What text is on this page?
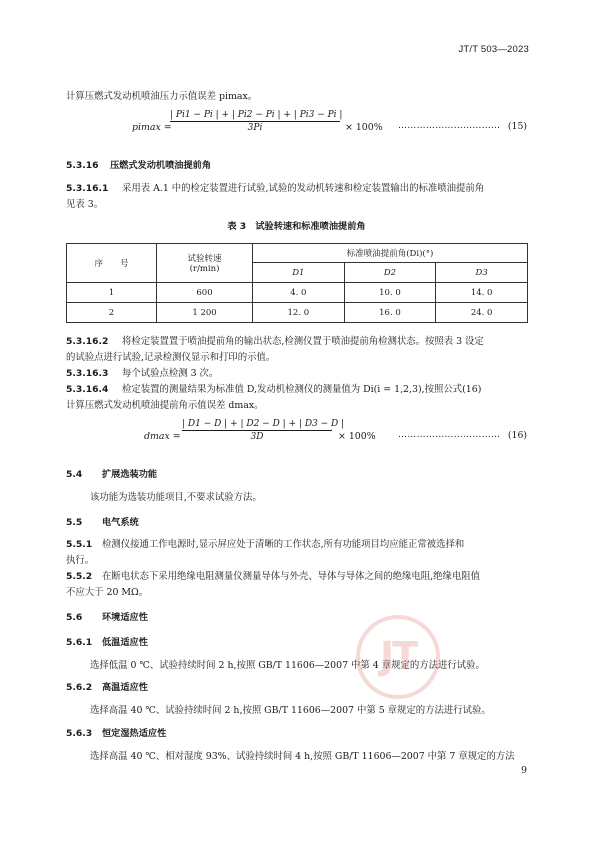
JT/T 503—2023
计算压燃式发动机喷油压力示值误差 pimax。
pimax =
| Pi1 − Pi | + | Pi2 − Pi | + | Pi3 − Pi |
3Pi	× 100% …………………………… (15)
5.3.16 压燃式发动机喷油提前角
5.3.16.1 采用表 A.1 中的检定装置进行试验,试验的发动机转速和检定装置输出的标准喷油提前角
见表 3。
表 3　试验转速和标准喷油提前角
序　　号	试验转速
(r/min)	标准喷油提前角(Di)(°)		
		D1	D2	D3
1	600	4. 0	10. 0	14. 0
2	1 200	12. 0	16. 0	24. 0
5.3.16.2 将检定装置置于喷油提前角的输出状态,检测仪置于喷油提前角检测状态。按照表 3 设定
的试验点进行试验,记录检测仪显示和打印的示值。
5.3.16.3 每个试验点检测 3 次。
5.3.16.4 检定装置的测量结果为标准值 D,发动机检测仪的测量值为 Di(i = 1,2,3),按照公式(16)
计算压燃式发动机喷油提前角示值误差 dmax。
dmax =
| D1 − D | + | D2 − D | + | D3 − D |
3D	× 100% …………………………… (16)
5.4 扩展选装功能
该功能为选装功能项目,不要求试验方法。
5.5 电气系统
5.5.1 检测仪接通工作电源时,显示屏应处于清晰的工作状态,所有功能项目均应能正常被选择和
执行。
5.5.2 在断电状态下采用绝缘电阻测量仪测量导体与外壳、导体与导体之间的绝缘电阻,绝缘电阻值
不应大于 20 MΩ。
5.6 环境适应性
5.6.1 低温适应性
选择低温 0 ℃、试验持续时间 2 h,按照 GB/T 11606—2007 中第 4 章规定的方法进行试验。
5.6.2 高温适应性
选择高温 40 ℃、试验持续时间 2 h,按照 GB/T 11606—2007 中第 5 章规定的方法进行试验。
5.6.3 恒定湿热适应性
选择高温 40 ℃、相对湿度 93%、试验持续时间 4 h,按照 GB/T 11606—2007 中第 7 章规定的方法
JT
9
